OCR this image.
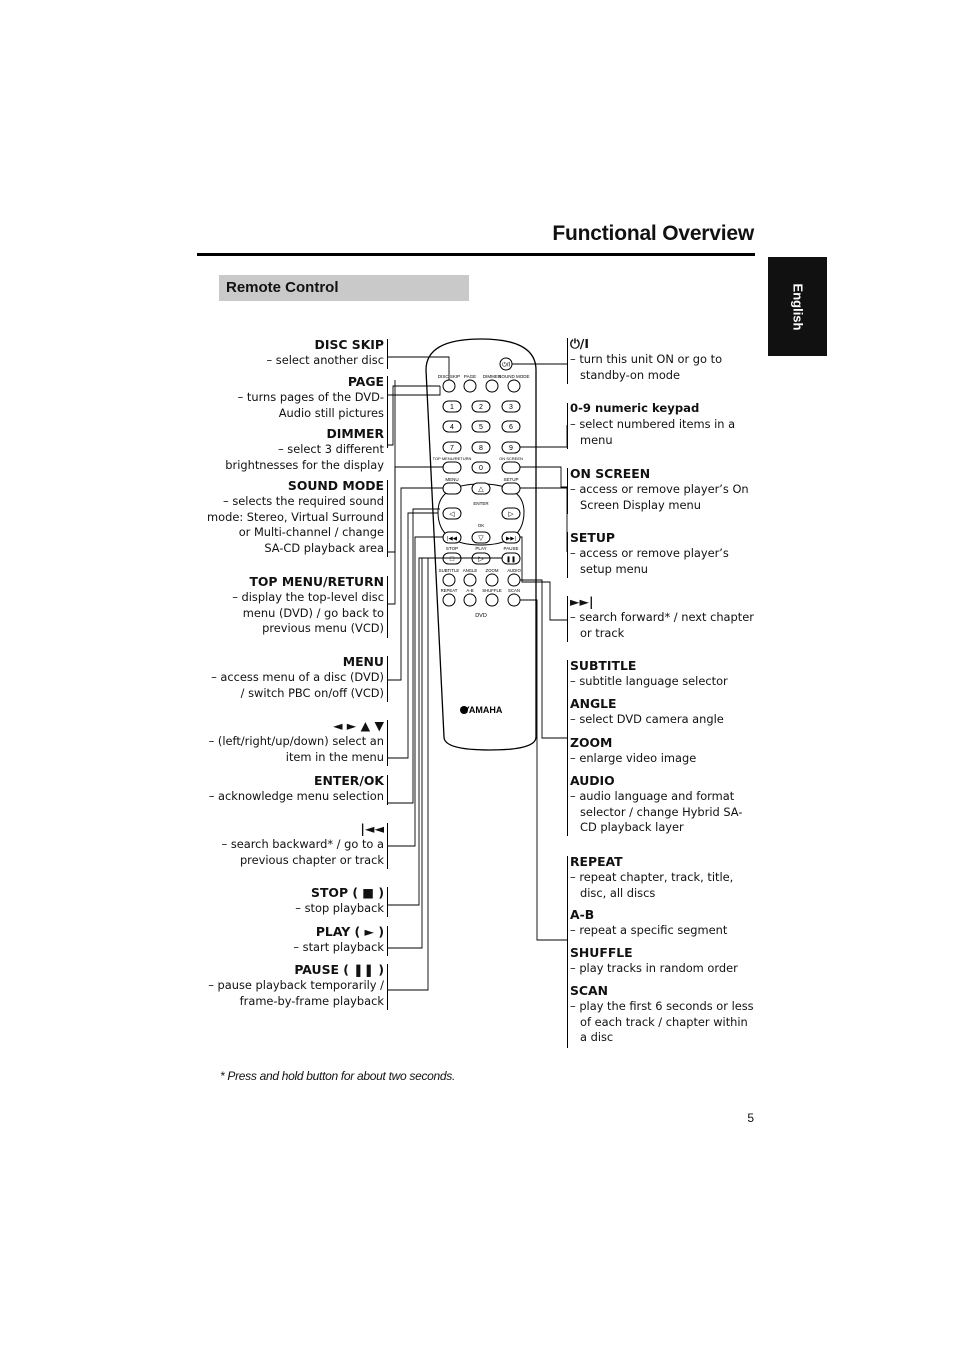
Functional Overview
English
Remote Control
DISC SKIP
– select another disc
PAGE
– turns pages of the DVD-
Audio still pictures
DIMMER
– select 3 different
brightnesses for the display
SOUND MODE
– selects the required sound
mode: Stereo, Virtual Surround
or Multi-channel / change
SA-CD playback area
TOP MENU/RETURN
– display the top-level disc
menu (DVD) / go back to
previous menu (VCD)
MENU
– access menu of a disc (DVD)
/ switch PBC on/off (VCD)
◄ ► ▲ ▼
– (left/right/up/down) select an
item in the menu
ENTER/OK
– acknowledge menu selection
|◄◄
– search backward* / go to a
previous chapter or track
STOP ( ■ )
– stop playback
PLAY ( ► )
– start playback
PAUSE ( ❚❚ )
– pause playback temporarily /
frame-by-frame playback
⏻/I
– turn this unit ON or go to standby-on mode
0-9 numeric keypad
– select numbered items in a menu
ON SCREEN
– access or remove player’s On Screen Display menu
SETUP
– access or remove player’s setup menu
►►|
– search forward* / next chapter or track
SUBTITLE
– subtitle language selector
ANGLE
– select DVD camera angle
ZOOM
– enlarge video image
AUDIO
– audio language and format selector / change Hybrid SA-CD playback layer
REPEAT
– repeat chapter, track, title, disc, all discs
A-B
– repeat a specific segment
SHUFFLE
– play tracks in random order
SCAN
– play the first 6 seconds or less of each track / chapter within a disc
⏻/I
DISC SKIP PAGE DIMMER
SOUND MODE
1	2	3
4	5	6
7	8	9
0
TOP MENU/RETURN	ON SCREEN
MENU	SETUP
△
ENTER
◁	▷
OK
|◀◀	▽	▶▶|
STOP	PLAY	PAUSE
□	▷	❚❚
SUBTITLE ANGLE ZOOM AUDIO
REPEAT A-B SHUFFLE SCAN
DVD
YAMAHA
* Press and hold button for about two seconds.
5
